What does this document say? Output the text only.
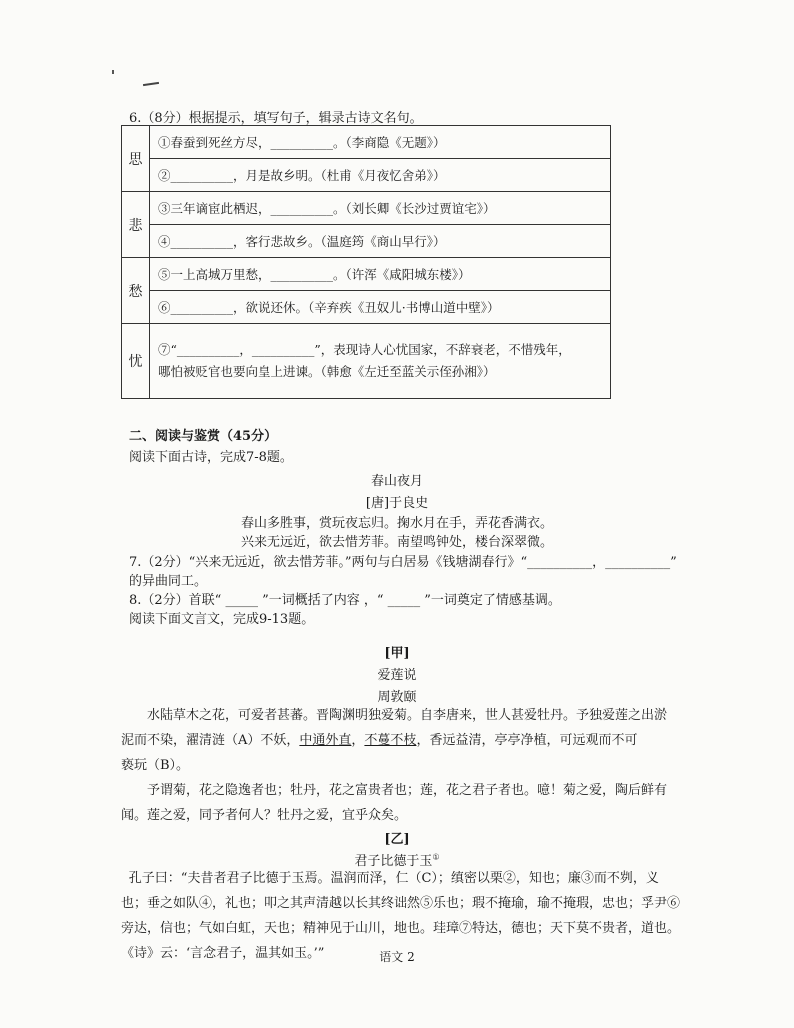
6.（8分）根据提示，填写句子，辑录古诗文名句。
思	①春蚕到死丝方尽，__________。（李商隐《无题》）
	②__________，月是故乡明。（杜甫《月夜忆舍弟》）
悲	③三年谪宦此栖迟，__________。（刘长卿《长沙过贾谊宅》）
	④__________，客行悲故乡。（温庭筠《商山早行》）
愁	⑤一上高城万里愁，__________。（许浑《咸阳城东楼》）
	⑥__________，欲说还休。（辛弃疾《丑奴儿·书博山道中壁》）
忧	⑦“__________，__________”，表现诗人心忧国家，不辞衰老，不惜残年，
哪怕被贬官也要向皇上进谏。（韩愈《左迁至蓝关示侄孙湘》）
二、阅读与鉴赏（45分）
阅读下面古诗，完成7-8题。
春山夜月
[唐]于良史
春山多胜事，赏玩夜忘归。掬水月在手，弄花香满衣。
兴来无远近，欲去惜芳菲。南望鸣钟处，楼台深翠微。
7.（2分）“兴来无远近，欲去惜芳菲。”两句与白居易《钱塘湖春行》“__________，__________”
的异曲同工。
8.（2分）首联“ _____ ”一词概括了内容 ，“ _____ ”一词奠定了情感基调。
阅读下面文言文，完成9-13题。
[甲]
爱莲说
周敦颐
水陆草木之花，可爱者甚蕃。晋陶渊明独爱菊。自李唐来，世人甚爱牡丹。予独爱莲之出淤
泥而不染，濯清涟（A）不妖，中通外直，不蔓不枝，香远益清，亭亭净植，可远观而不可
亵玩（B）。
予谓菊，花之隐逸者也；牡丹，花之富贵者也；莲，花之君子者也。噫！菊之爱，陶后鲜有
闻。莲之爱，同予者何人？牡丹之爱，宜乎众矣。
[乙]
君子比德于玉①
孔子曰：“夫昔者君子比德于玉焉。温润而泽，仁（C）；缜密以栗②，知也；廉③而不刿，义
也；垂之如队④，礼也；叩之其声清越以长其终诎然⑤乐也；瑕不掩瑜，瑜不掩瑕，忠也；孚尹⑥
旁达，信也；气如白虹，天也；精神见于山川，地也。珪璋⑦特达，德也；天下莫不贵者，道也。
《诗》云：‘言念君子，温其如玉。’”	语文 2
